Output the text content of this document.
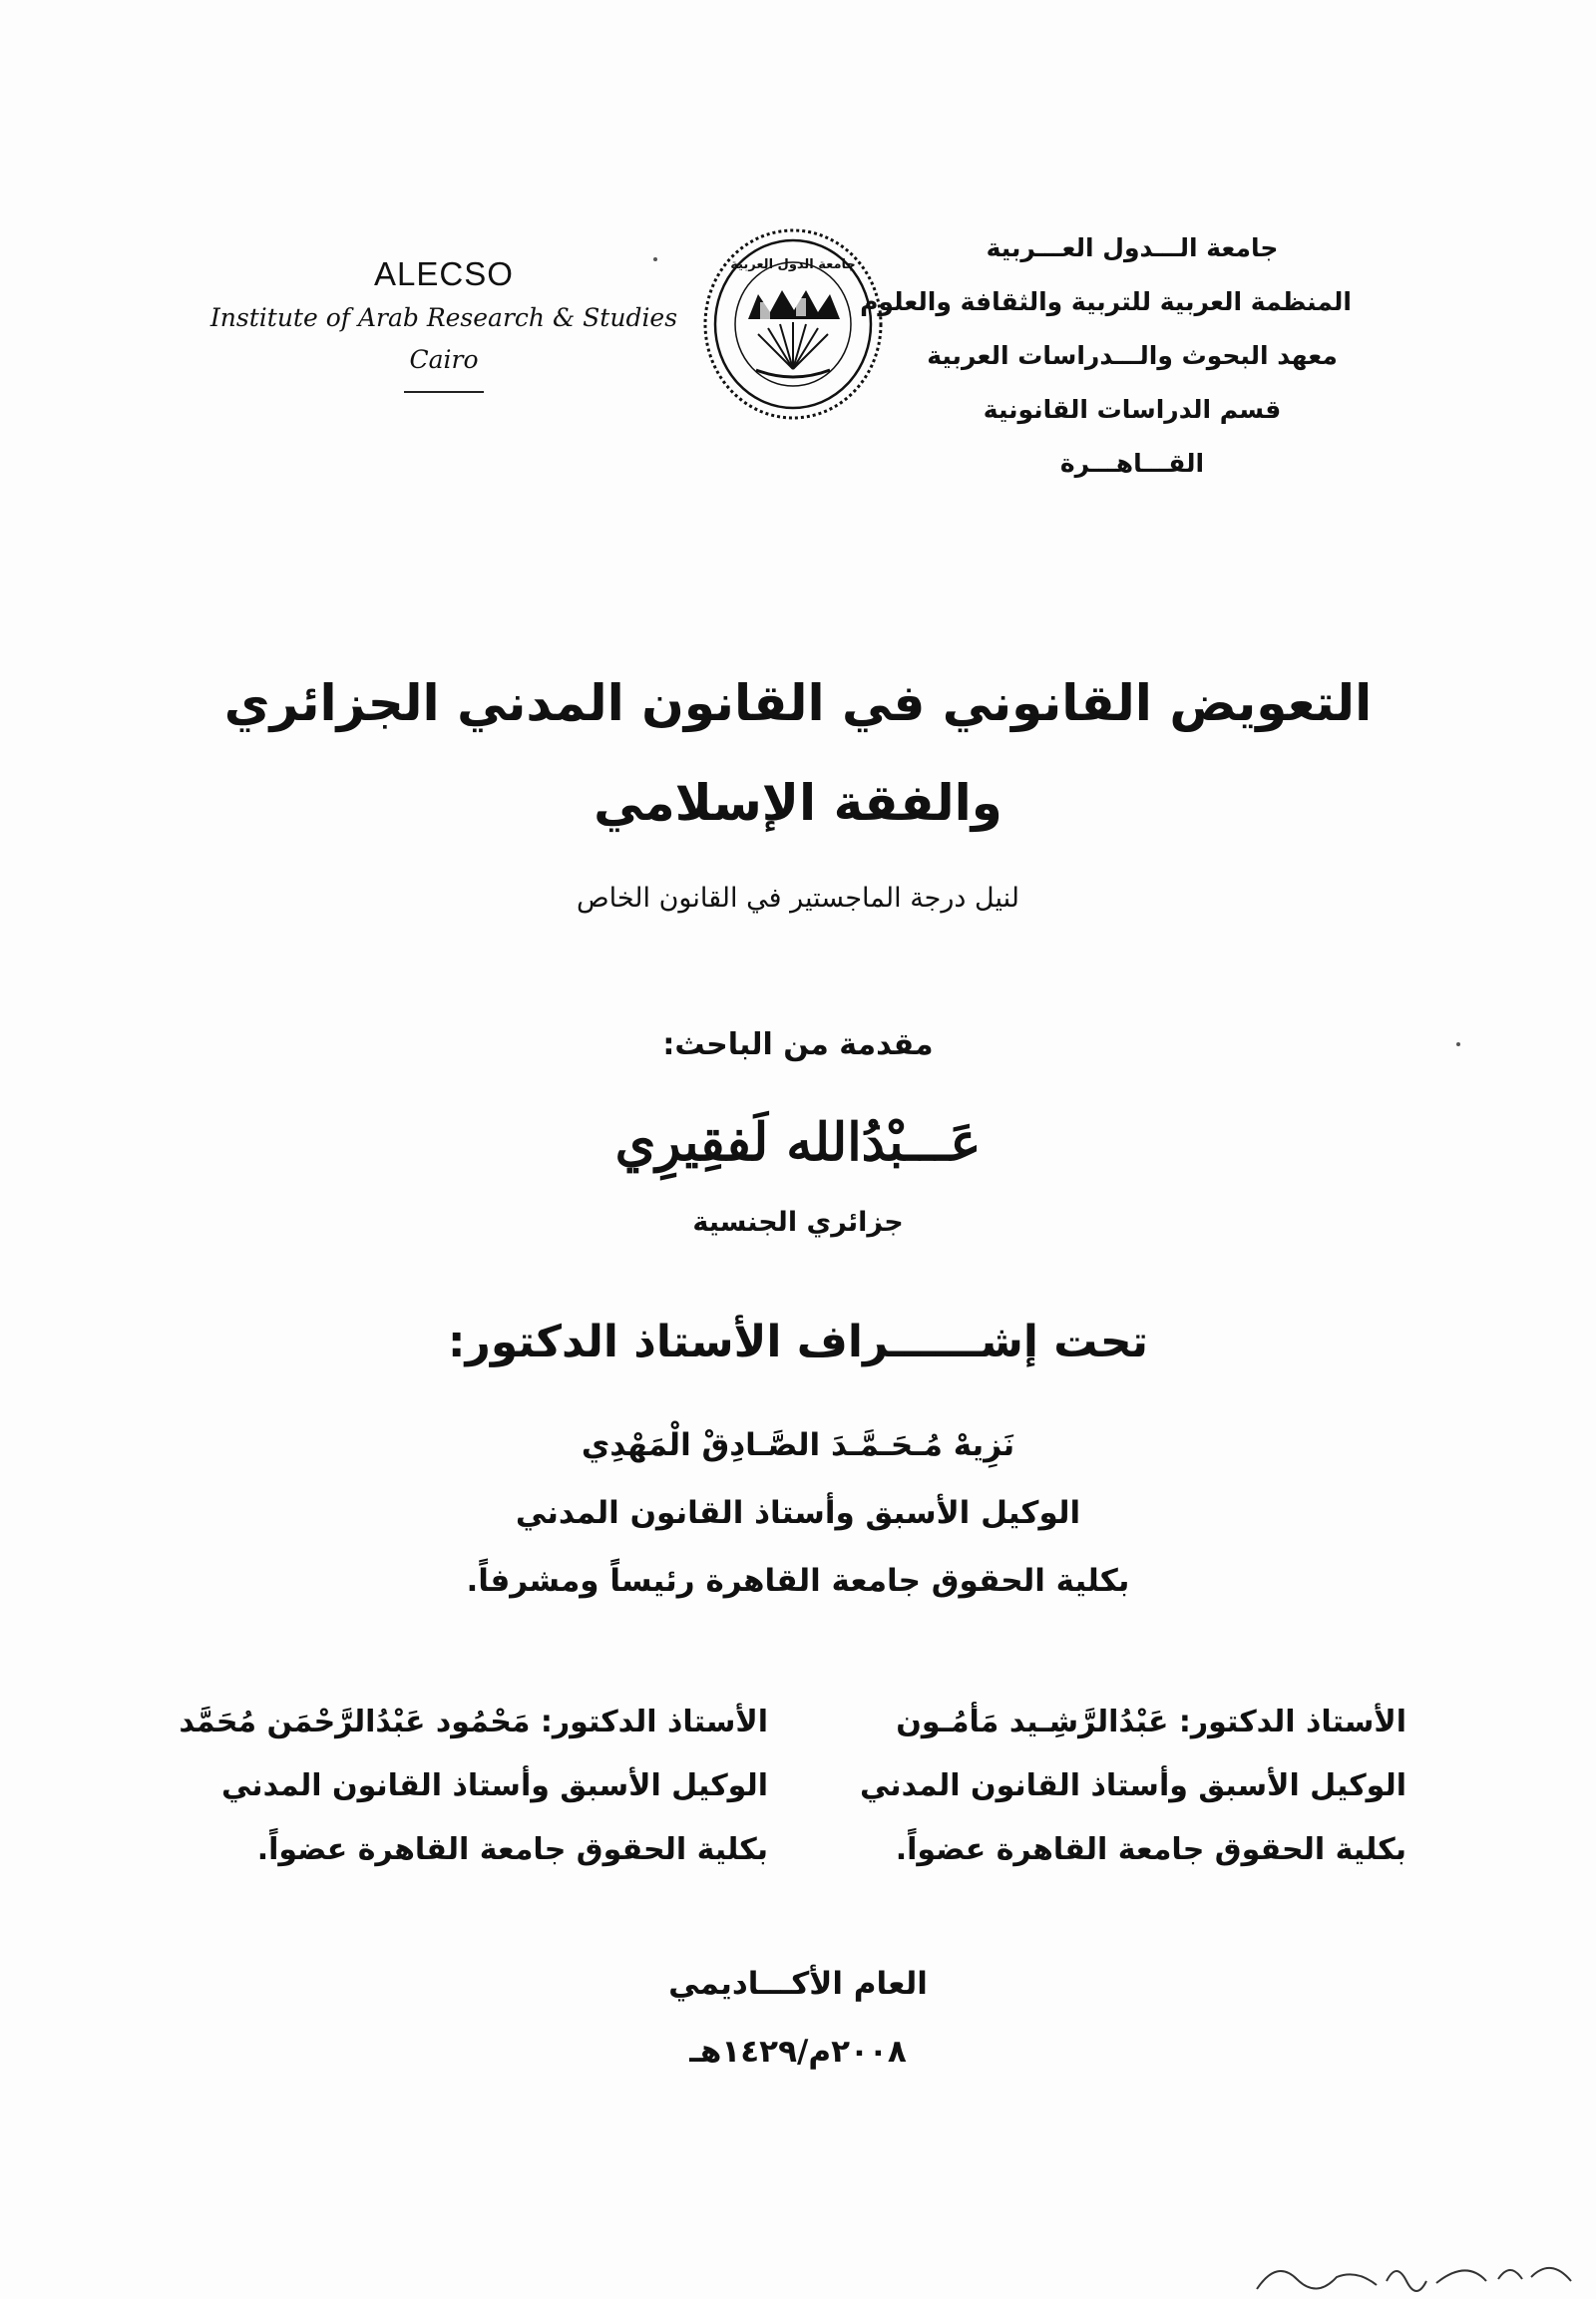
جامعة الـــدول العـــربية
المنظمة العربية للتربية والثقافة والعلوم
معهد البحوث والـــدراسات العربية
قسم الدراسات القانونية
القـــاهـــرة
جامعة الدول العربية
ALECSO
Institute of Arab Research & Studies
Cairo
التعويض القانوني في القانون المدني الجزائري
والفقة الإسلامي
لنيل درجة الماجستير في القانون الخاص
مقدمة من الباحث:
عَـــبْدُالله لَفقِيرِي
جزائري الجنسية
تحت إشــــــراف الأستاذ الدكتور:
نَزِيهْ مُـحَـمَّـدَ الصَّـادِقْ الْمَهْدِي
الوكيل الأسبق وأستاذ القانون المدني
بكلية الحقوق جامعة القاهرة رئيساً ومشرفاً.
الأستاذ الدكتور: عَبْدُالرَّشِـيد مَأمُـون
الوكيل الأسبق وأستاذ القانون المدني
بكلية الحقوق جامعة القاهرة عضواً.
الأستاذ الدكتور: مَحْمُود عَبْدُالرَّحْمَن مُحَمَّد
الوكيل الأسبق وأستاذ القانون المدني
بكلية الحقوق جامعة القاهرة عضواً.
العام الأكـــاديمي
٢٠٠٨م/١٤٢٩هـ
